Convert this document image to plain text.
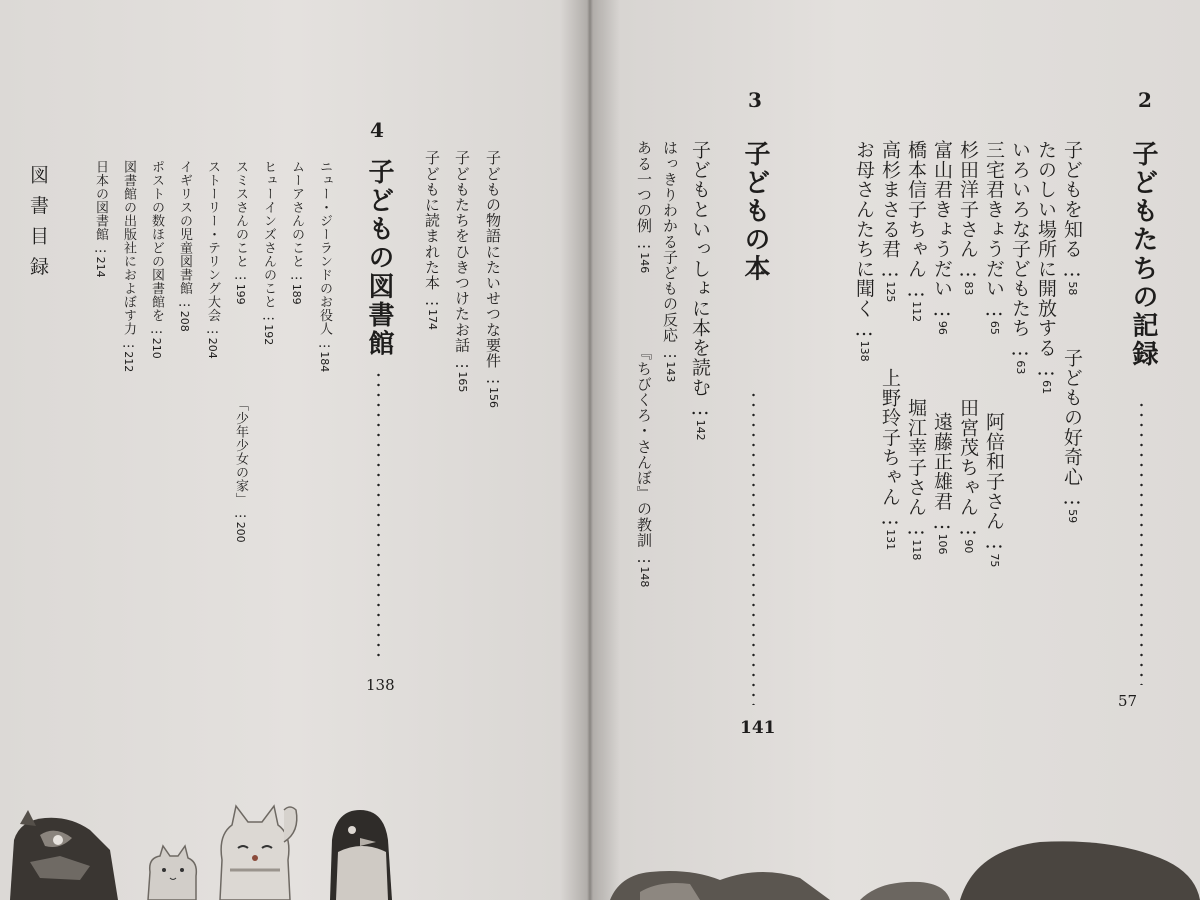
2
子どもたちの記録
57
子どもを知る…58
子どもの好奇心…59
たのしい場所に開放する…61
いろいろな子どもたち…63
三宅君きょうだい…65
阿倍和子さん…75
杉田洋子さん…83
田宮茂ちゃん…90
富山君きょうだい…96
遠藤正雄君…106
橋本信子ちゃん…112
堀江幸子さん…118
高杉まさる君…125
上野玲子ちゃん…131
お母さんたちに聞く…138
3
子どもの本
141
子どもといっしょに本を読む…142
はっきりわかる子どもの反応…143
ある一つの例…146
『ちびくろ・さんぼ』の教訓…148
子どもの物語にたいせつな要件…156
子どもたちをひきつけたお話…165
子どもに読まれた本…174
4
子どもの図書館
138
ニュー・ジーランドのお役人…184
ムーアさんのこと…189
ヒューインズさんのこと…192
スミスさんのこと…199
「少年少女の家」…200
ストーリー・テリング大会…204
イギリスの児童図書館…208
ポストの数ほどの図書館を…210
図書館の出版社におよぼす力…212
日本の図書館…214
図書目録
